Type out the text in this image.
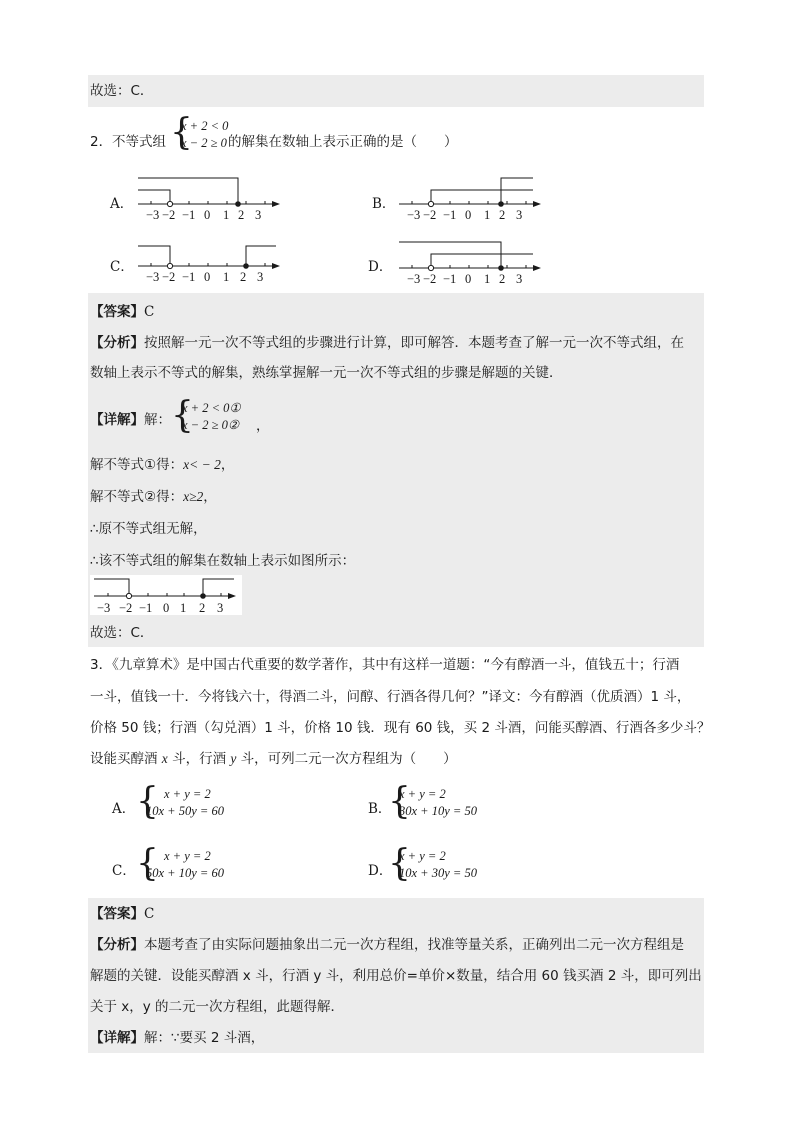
故选：C．
2． 不等式组 {
x + 2 < 0
x − 2 ≥ 0 的解集在数轴上表示正确的是（　　）
A．
−3 −2 −1 0 1 2 3
B．
−3 −2 −1 0 1 2 3
C．
−3 −2 −1 0 1 2 3
D．
−3 −2 −1 0 1 2 3
【答案】C
【分析】按照解一元一次不等式组的步骤进行计算，即可解答．本题考查了解一元一次不等式组，在
数轴上表示不等式的解集，熟练掌握解一元一次不等式组的步骤是解题的关键．
【详解】解： {
x + 2 < 0①
x − 2 ≥ 0② ，
解不等式①得：x< − 2，
解不等式②得：x≥2，
∴原不等式组无解，
∴该不等式组的解集在数轴上表示如图所示：
−3 −2 −1 0 1 2 3
故选：C．
3．《九章算术》是中国古代重要的数学著作，其中有这样一道题：“今有醇酒一斗，值钱五十；行酒
一斗，值钱一十．今将钱六十，得酒二斗，问醇、行酒各得几何？”译文：今有醇酒（优质酒）1 斗，
价格 50 钱；行酒（勾兑酒）1 斗，价格 10 钱．现有 60 钱，买 2 斗酒，问能买醇酒、行酒各多少斗？
设能买醇酒 x 斗，行酒 y 斗，可列二元一次方程组为（　　）
A． { x + y = 2
10x + 50y = 60	B．
{
x + y = 2
30x + 10y = 50
C． { x + y = 2
50x + 10y = 60	D．
{
x + y = 2
10x + 30y = 50
【答案】C
【分析】本题考查了由实际问题抽象出二元一次方程组，找准等量关系，正确列出二元一次方程组是
解题的关键．设能买醇酒 x 斗，行酒 y 斗，利用总价=单价×数量，结合用 60 钱买酒 2 斗，即可列出
关于 x，y 的二元一次方程组，此题得解．
【详解】解：∵要买 2 斗酒，
